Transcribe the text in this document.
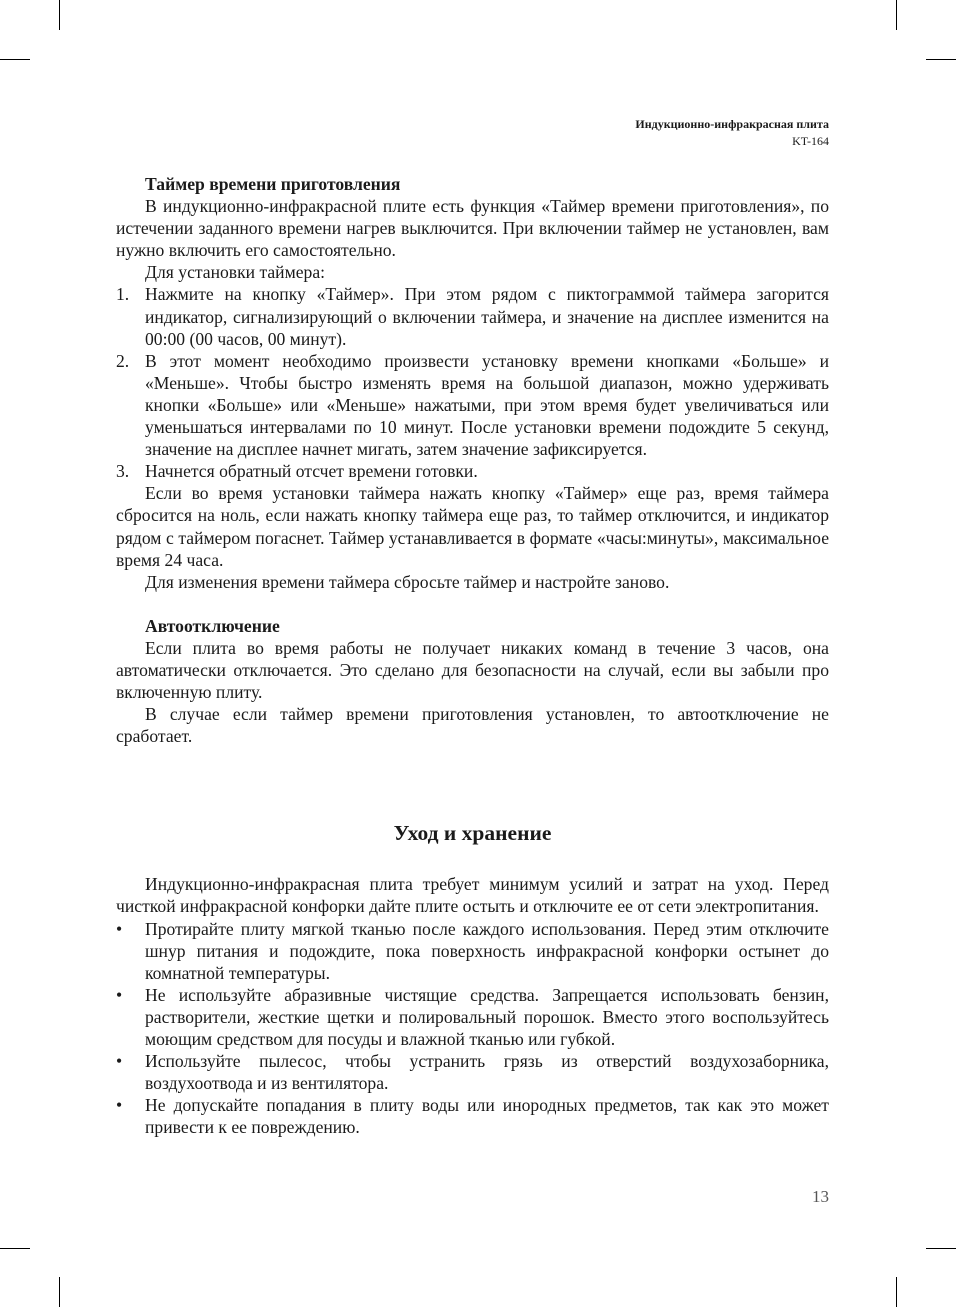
Индукционно-инфракрасная плита
KT-164

Таймер времени приготовления

В индукционно-инфракрасной плите есть функция «Таймер времени приготовления», по истечении заданного времени нагрев выключится. При включении таймер не установлен, вам нужно включить его самостоятельно.

Для установки таймера:

1. Нажмите на кнопку «Таймер». При этом рядом с пиктограммой таймера загорится индикатор, сигнализирующий о включении таймера, и значение на дисплее изменится на 00:00 (00 часов, 00 минут).
2. В этот момент необходимо произвести установку времени кнопками «Больше» и «Меньше». Чтобы быстро изменять время на большой диапазон, можно удерживать кнопки «Больше» или «Меньше» нажатыми, при этом время будет увеличиваться или уменьшаться интервалами по 10 минут. После установки времени подождите 5 секунд, значение на дисплее начнет мигать, затем значение зафиксируется.
3. Начнется обратный отсчет времени готовки.

Если во время установки таймера нажать кнопку «Таймер» еще раз, время таймера сбросится на ноль, если нажать кнопку таймера еще раз, то таймер отключится, и индикатор рядом с таймером погаснет. Таймер устанавливается в формате «часы:минуты», максимальное время 24 часа.

Для изменения времени таймера сбросьте таймер и настройте заново.

Автоотключение

Если плита во время работы не получает никаких команд в течение 3 часов, она автоматически отключается. Это сделано для безопасности на случай, если вы забыли про включенную плиту.

В случае если таймер времени приготовления установлен, то автоотключение не сработает.

Уход и хранение

Индукционно-инфракрасная плита требует минимум усилий и затрат на уход. Перед чисткой инфракрасной конфорки дайте плите остыть и отключите ее от сети электропитания.

• Протирайте плиту мягкой тканью после каждого использования. Перед этим отключите шнур питания и подождите, пока поверхность инфракрасной конфорки остынет до комнатной температуры.
• Не используйте абразивные чистящие средства. Запрещается использовать бензин, растворители, жесткие щетки и полировальный порошок. Вместо этого воспользуйтесь моющим средством для посуды и влажной тканью или губкой.
• Используйте пылесос, чтобы устранить грязь из отверстий воздухозаборника, воздухоотвода и из вентилятора.
• Не допускайте попадания в плиту воды или инородных предметов, так как это может привести к ее повреждению.
13
